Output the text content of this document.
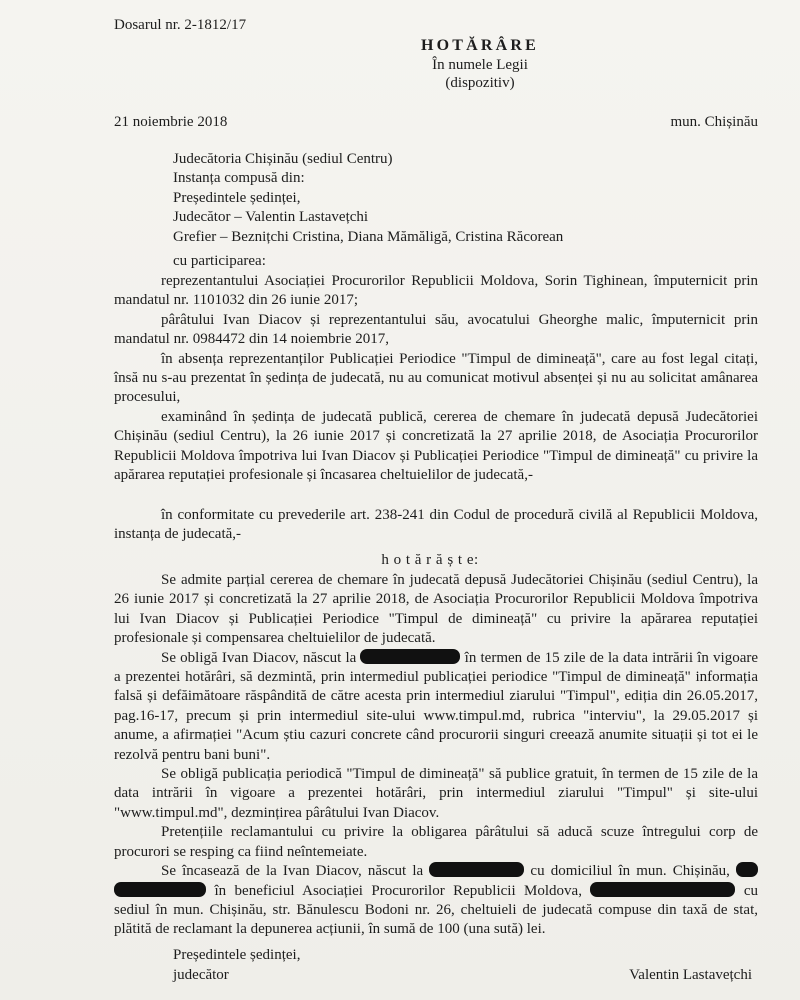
Dosarul nr. 2-1812/17
HOTĂRÂRE
În numele Legii
(dispozitiv)
21 noiembrie 2018	mun. Chișinău
Judecătoria Chișinău (sediul Centru)
Instanța compusă din:
Președintele ședinței,
Judecător – Valentin Lastavețchi
Grefier – Beznițchi Cristina, Diana Mămăligă, Cristina Răcorean
cu participarea:
reprezentantului Asociației Procurorilor Republicii Moldova, Sorin Tighinean, împuternicit prin mandatul nr. 1101032 din 26 iunie 2017;
pârâtului Ivan Diacov și reprezentantului său, avocatului Gheorghe malic, împuternicit prin mandatul nr. 0984472 din 14 noiembrie 2017,
în absența reprezentanților Publicației Periodice "Timpul de dimineață", care au fost legal citați, însă nu s-au prezentat în ședința de judecată, nu au comunicat motivul absenței și nu au solicitat amânarea procesului,
examinând în ședința de judecată publică, cererea de chemare în judecată depusă Judecătoriei Chișinău (sediul Centru), la 26 iunie 2017 și concretizată la 27 aprilie 2018, de Asociația Procurorilor Republicii Moldova împotriva lui Ivan Diacov și Publicației Periodice "Timpul de dimineață" cu privire la apărarea reputației profesionale și încasarea cheltuielilor de judecată,-
în conformitate cu prevederile art. 238-241 din Codul de procedură civilă al Republicii Moldova, instanța de judecată,-
h o t ă r ă ș t e:
Se admite parțial cererea de chemare în judecată depusă Judecătoriei Chișinău (sediul Centru), la 26 iunie 2017 și concretizată la 27 aprilie 2018, de Asociația Procurorilor Republicii Moldova împotriva lui Ivan Diacov și Publicației Periodice "Timpul de dimineață" cu privire la apărarea reputației profesionale și compensarea cheltuielilor de judecată.
Se obligă Ivan Diacov, născut la	în termen de 15 zile de la data intrării în vigoare a prezentei hotărâri, să dezmintă, prin intermediul publicației periodice "Timpul de dimineață" informația falsă și defăimătoare răspândită de către acesta prin intermediul ziarului "Timpul", ediția din 26.05.2017, pag.16-17, precum și prin intermediul site-ului www.timpul.md, rubrica "interviu", la 29.05.2017 și anume, a afirmației "Acum știu cazuri concrete când procurorii singuri creează anumite situații și tot ei le rezolvă pentru bani buni".
Se obligă publicația periodică "Timpul de dimineață" să publice gratuit, în termen de 15 zile de la data intrării în vigoare a prezentei hotărâri, prin intermediul ziarului "Timpul" și site-ului "www.timpul.md", dezmințirea pârâtului Ivan Diacov.
Pretențiile reclamantului cu privire la obligarea pârâtului să aducă scuze întregului corp de procurori se resping ca fiind neîntemeiate.
Se încasează de la Ivan Diacov, născut la	cu domiciliul în mun. Chișinău,   în beneficiul Asociației Procurorilor Republicii Moldova,	cu sediul în mun. Chișinău, str. Bănulescu Bodoni nr. 26, cheltuieli de judecată compuse din taxă de stat, plătită de reclamant la depunerea acțiunii, în sumă de 100 (una sută) lei.
Președintele ședinței,
judecător	Valentin Lastavețchi
